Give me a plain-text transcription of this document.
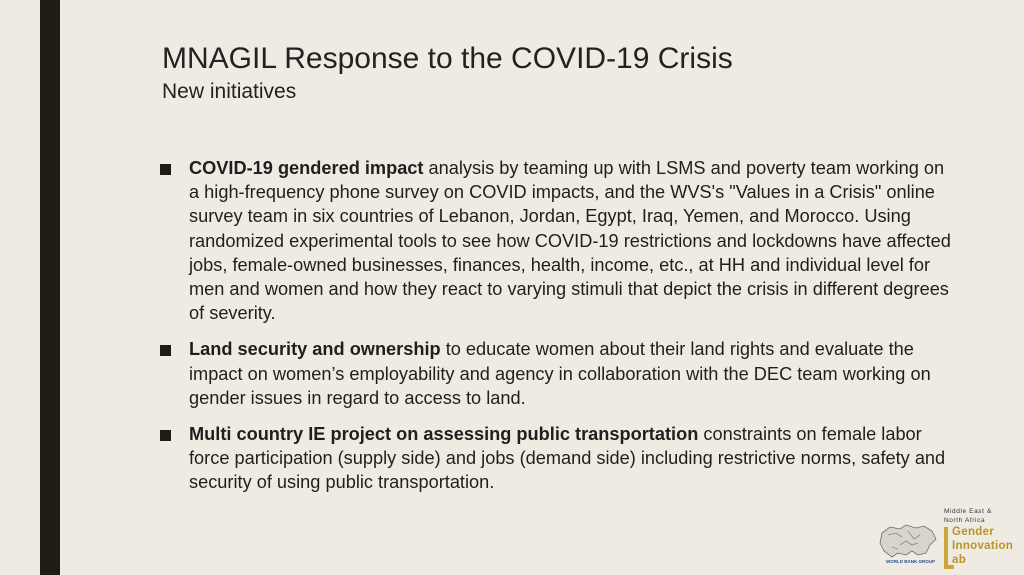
MNAGIL Response to the COVID-19 Crisis
New initiatives
COVID-19 gendered impact analysis by teaming up with LSMS and poverty team working on a high-frequency phone survey on COVID impacts, and the WVS's "Values in a Crisis" online survey team in six countries of Lebanon, Jordan, Egypt, Iraq, Yemen, and Morocco. Using randomized experimental tools to see how COVID-19 restrictions and lockdowns have affected jobs, female-owned businesses, finances, health, income, etc., at HH and individual level for men and women and how they react to varying stimuli that depict the crisis in different degrees of severity.
Land security and ownership to educate women about their land rights and evaluate the impact on women’s employability and agency in collaboration with the DEC team working on gender issues in regard to access to land.
Multi country IE project on assessing public transportation constraints on female labor force participation (supply side) and jobs (demand side) including restrictive norms, safety and security of using public transportation.
WORLD BANK GROUP
Middle East &
North Africa
Gender
Innovation
ab
